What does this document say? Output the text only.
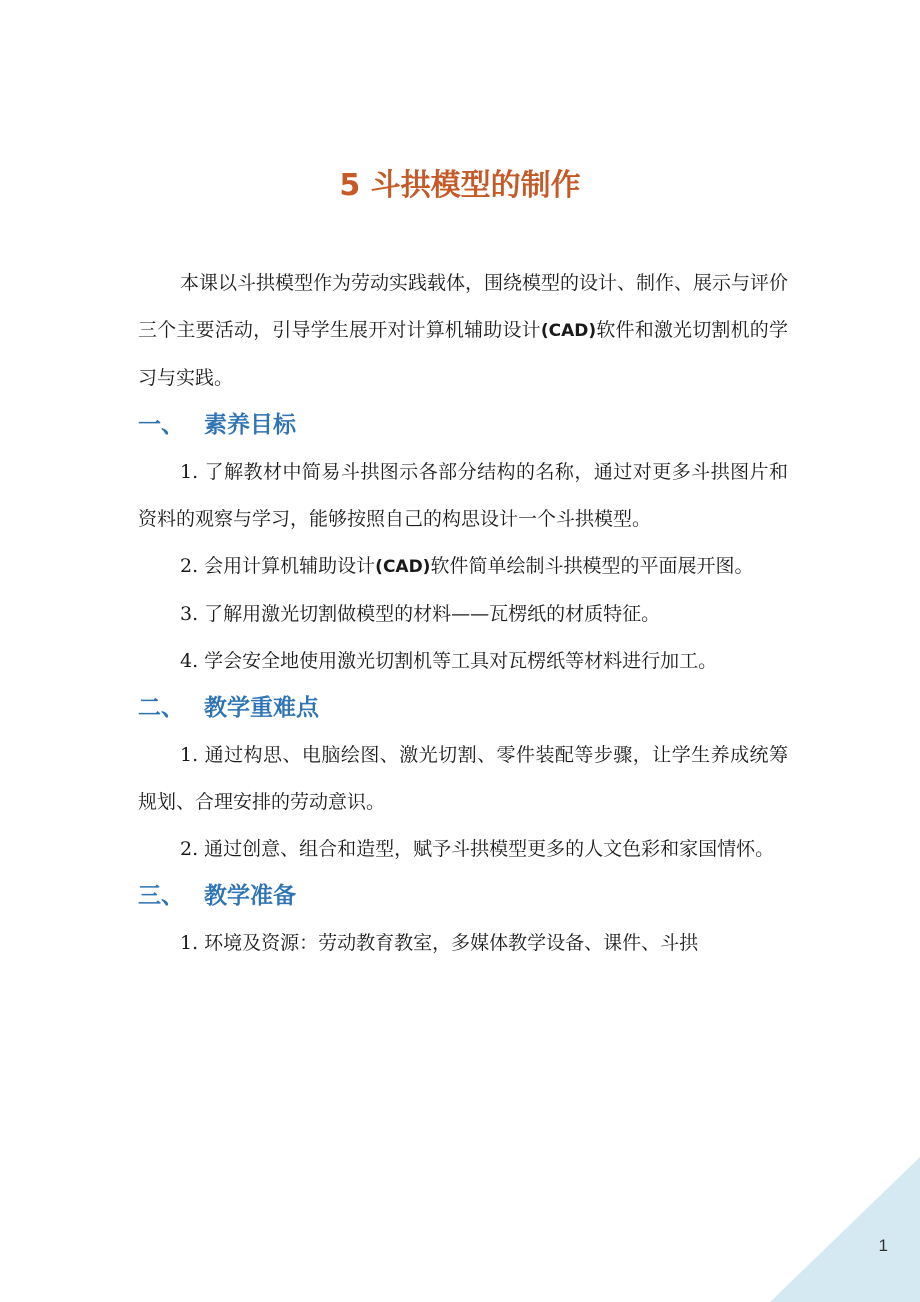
5 斗拱模型的制作

本课以斗拱模型作为劳动实践载体，围绕模型的设计、制作、展示与评价三个主要活动，引导学生展开对计算机辅助设计(CAD)软件和激光切割机的学习与实践。

一、 素养目标

1. 了解教材中简易斗拱图示各部分结构的名称，通过对更多斗拱图片和资料的观察与学习，能够按照自己的构思设计一个斗拱模型。

2. 会用计算机辅助设计(CAD)软件简单绘制斗拱模型的平面展开图。

3. 了解用激光切割做模型的材料——瓦楞纸的材质特征。

4. 学会安全地使用激光切割机等工具对瓦楞纸等材料进行加工。

二、 教学重难点

1. 通过构思、电脑绘图、激光切割、零件装配等步骤，让学生养成统筹规划、合理安排的劳动意识。

2. 通过创意、组合和造型，赋予斗拱模型更多的人文色彩和家国情怀。

三、 教学准备

1. 环境及资源：劳动教育教室，多媒体教学设备、课件、斗拱

1
